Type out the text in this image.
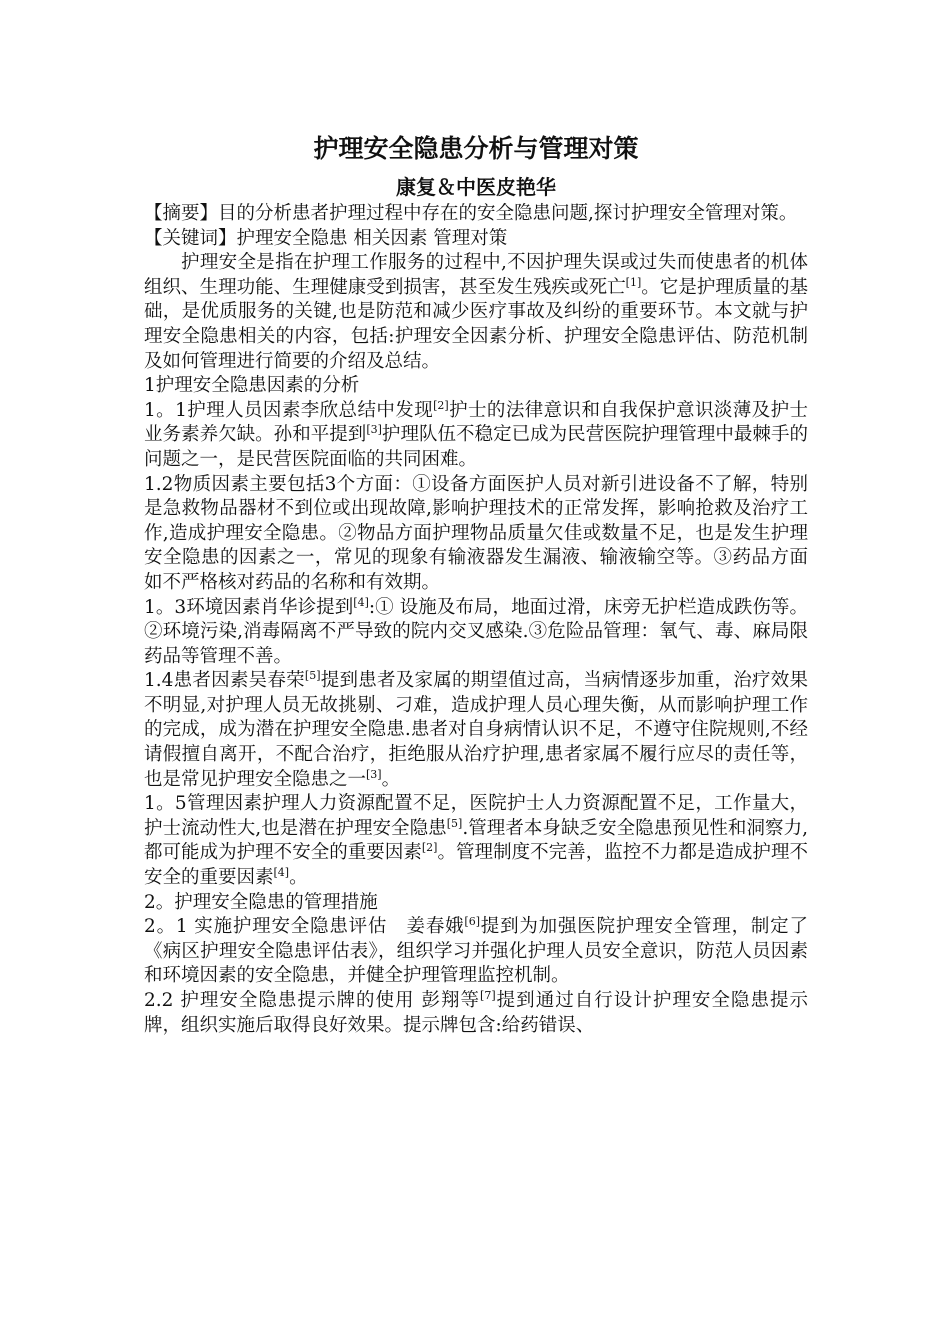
护理安全隐患分析与管理对策
康复＆中医皮艳华
【摘要】目的分析患者护理过程中存在的安全隐患问题,探讨护理安全管理对策。
【关键词】护理安全隐患 相关因素 管理对策
护理安全是指在护理工作服务的过程中,不因护理失误或过失而使患者的机体组织、生理功能、生理健康受到损害，甚至发生残疾或死亡[1]。它是护理质量的基础，是优质服务的关键,也是防范和减少医疗事故及纠纷的重要环节。本文就与护理安全隐患相关的内容，包括:护理安全因素分析、护理安全隐患评估、防范机制及如何管理进行简要的介绍及总结。
1护理安全隐患因素的分析
1。1护理人员因素李欣总结中发现[2]护士的法律意识和自我保护意识淡薄及护士业务素养欠缺。孙和平提到[3]护理队伍不稳定已成为民营医院护理管理中最棘手的问题之一，是民营医院面临的共同困难。
1.2物质因素主要包括3个方面：①设备方面医护人员对新引进设备不了解，特别是急救物品器材不到位或出现故障,影响护理技术的正常发挥，影响抢救及治疗工作,造成护理安全隐患。②物品方面护理物品质量欠佳或数量不足，也是发生护理安全隐患的因素之一，常见的现象有输液器发生漏液、输液输空等。③药品方面如不严格核对药品的名称和有效期。
1。3环境因素肖华诊提到[4]:① 设施及布局，地面过滑，床旁无护栏造成跌伤等。②环境污染,消毒隔离不严导致的院内交叉感染.③危险品管理：氧气、毒、麻局限药品等管理不善。
1.4患者因素吴春荣[5]提到患者及家属的期望值过高，当病情逐步加重，治疗效果不明显,对护理人员无故挑剔、刁难，造成护理人员心理失衡，从而影响护理工作的完成，成为潜在护理安全隐患.患者对自身病情认识不足，不遵守住院规则,不经请假擅自离开，不配合治疗，拒绝服从治疗护理,患者家属不履行应尽的责任等，也是常见护理安全隐患之一[3]。
1。5管理因素护理人力资源配置不足，医院护士人力资源配置不足，工作量大，护士流动性大,也是潜在护理安全隐患[5].管理者本身缺乏安全隐患预见性和洞察力,都可能成为护理不安全的重要因素[2]。管理制度不完善，监控不力都是造成护理不安全的重要因素[4]。
2。护理安全隐患的管理措施
2。1 实施护理安全隐患评估　姜春娥[6]提到为加强医院护理安全管理，制定了《病区护理安全隐患评估表》，组织学习并强化护理人员安全意识，防范人员因素和环境因素的安全隐患，并健全护理管理监控机制。
2.2 护理安全隐患提示牌的使用 彭翔等[7]提到通过自行设计护理安全隐患提示牌，组织实施后取得良好效果。提示牌包含:给药错误、
